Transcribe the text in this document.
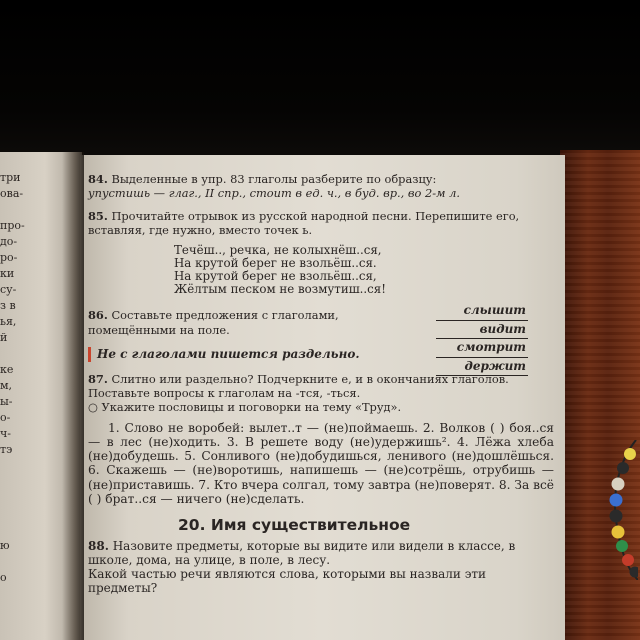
три
ова-

про-
до-
ро-
ки
су-
з в
ья,
й

ке
м,
ы-
о-
ч-
тэ

ю

о

84. Выделенные в упр. 83 глаголы разберите по образцу:
упустишь — глаг., II спр., стоит в ед. ч., в буд. вр., во 2-м л.

85. Прочитайте отрывок из русской народной песни. Перепишите его, вставляя, где нужно, вместо точек ь.

Течёш.., речка, не колыхнёш..ся,
На крутой берег не взольёш..ся.
На крутой берег не взольёш..ся,
Жёлтым песком не возмутиш..ся!

86. Составьте предложения с глаголами, помещёнными на поле.

слышит
видит
смотрит
держит
Не с глаголами пишется раздельно.

87. Слитно или раздельно? Подчеркните е, и в окончаниях глаголов. Поставьте вопросы к глаголам на -тся, -ться.
○ Укажите пословицы и поговорки на тему «Труд».

1. Слово не воробей: вылет..т — (не)поймаешь. 2. Волков ( ) боя..ся — в лес (не)ходить. 3. В решете воду (не)удержишь². 4. Лёжа хлеба (не)добудешь. 5. Сонливого (не)добудишься, ленивого (не)дошлёшься. 6. Скажешь — (не)воротишь, напишешь — (не)сотрёшь, отрубишь — (не)приставишь. 7. Кто вчера солгал, тому завтра (не)поверят. 8. За всё ( ) брат..ся — ничего (не)сделать.

20. Имя существительное

88. Назовите предметы, которые вы видите или видели в классе, в школе, дома, на улице, в поле, в лесу.
Какой частью речи являются слова, которыми вы назвали эти предметы?
